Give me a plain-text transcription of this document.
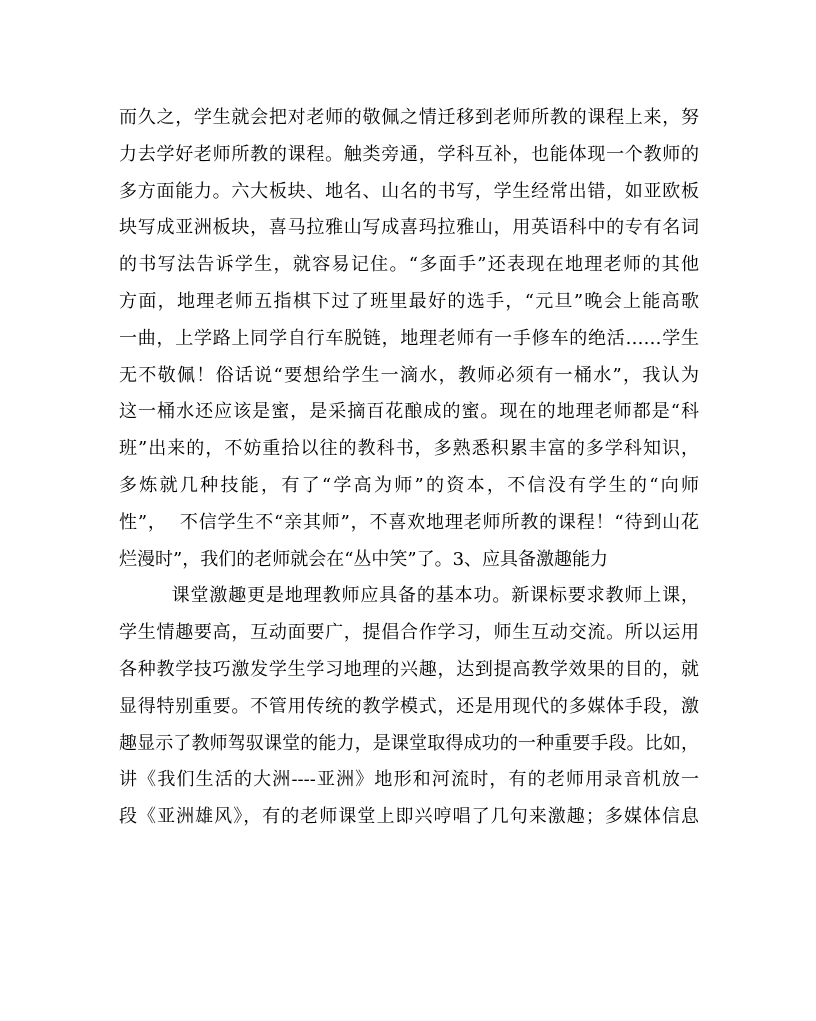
而久之，学生就会把对老师的敬佩之情迁移到老师所教的课程上来，努
力去学好老师所教的课程。触类旁通，学科互补，也能体现一个教师的
多方面能力。六大板块、地名、山名的书写，学生经常出错，如亚欧板
块写成亚洲板块，喜马拉雅山写成喜玛拉雅山，用英语科中的专有名词
的书写法告诉学生，就容易记住。“多面手”还表现在地理老师的其他
方面，地理老师五指棋下过了班里最好的选手，“元旦”晚会上能高歌
一曲，上学路上同学自行车脱链，地理老师有一手修车的绝活……学生
无不敬佩！俗话说“要想给学生一滴水，教师必须有一桶水”，我认为
这一桶水还应该是蜜，是采摘百花酿成的蜜。现在的地理老师都是“科
班”出来的，不妨重拾以往的教科书，多熟悉积累丰富的多学科知识，
多炼就几种技能，有了“学高为师”的资本，不信没有学生的“向师
性”，  不信学生不“亲其师”，不喜欢地理老师所教的课程！“待到山花
烂漫时”，我们的老师就会在“丛中笑”了。3、应具备激趣能力
课堂激趣更是地理教师应具备的基本功。新课标要求教师上课，
学生情趣要高，互动面要广，提倡合作学习，师生互动交流。所以运用
各种教学技巧激发学生学习地理的兴趣，达到提高教学效果的目的，就
显得特别重要。不管用传统的教学模式，还是用现代的多媒体手段，激
趣显示了教师驾驭课堂的能力，是课堂取得成功的一种重要手段。比如，
讲《我们生活的大洲----亚洲》地形和河流时，有的老师用录音机放一
段《亚洲雄风》，有的老师课堂上即兴哼唱了几句来激趣；多媒体信息
